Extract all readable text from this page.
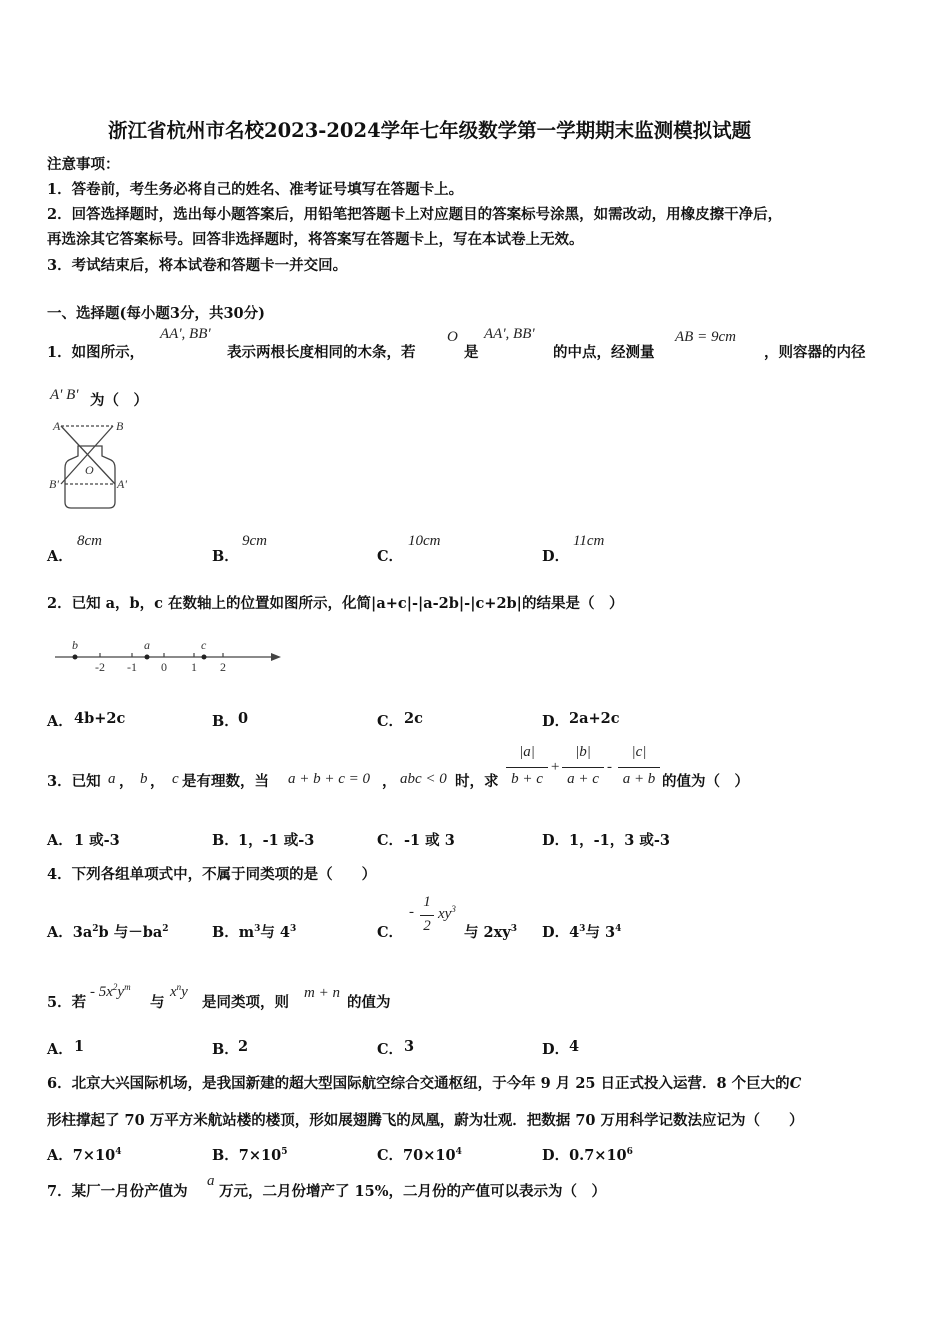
浙江省杭州市名校2023-2024学年七年级数学第一学期期末监测模拟试题
注意事项：
1．答卷前，考生务必将自己的姓名、准考证号填写在答题卡上。
2．回答选择题时，选出每小题答案后，用铅笔把答题卡上对应题目的答案标号涂黑，如需改动，用橡皮擦干净后，
再选涂其它答案标号。回答非选择题时，将答案写在答题卡上，写在本试卷上无效。
3．考试结束后，将本试卷和答题卡一并交回。
一、选择题(每小题3分，共30分)
1．如图所示，
AA', BB'
表示两根长度相同的木条，若
O
是
AA', BB'
的中点，经测量
AB = 9cm
，则容器的内径
A' B' 为（　）
A	B
O
B'	A'
A．
8cm
B．
9cm
C．
10cm
D．
11cm
2．已知 a，b，c 在数轴上的位置如图所示，化简|a+c|-|a-2b|-|c+2b|的结果是（　）
b	a	c
-2 -1 0 1 2
A． 4b+2c	B． 0	C． 2c	D． 2a+2c
3．已知 a ， b ， c 是有理数，当 a + b + c = 0 ， abc < 0 时，求
|a|
b + c
+
|b|
a + c
-
|c|
a + b 的值为（　）
A． 1 或-3	B． 1，-1 或-3	C． -1 或 3	D． 1，-1，3 或-3
4．下列各组单项式中，不属于同类项的是（　　）
A．$3a^2b$ 与$-ba^2$	B．$m^3$与 $4^3$	C．
-
1
2
$xy^3$
与 $2xy^3$ D．$4^3$与 $3^4$
5．若
- $5x^2y^m$
与
$x^ny$
是同类项，则
m + n
的值为
A． 1	B． 2	C． 3	D． 4
6．北京大兴国际机场，是我国新建的超大型国际航空综合交通枢纽，于今年 9 月 25 日正式投入运营．8 个巨大的C
形柱撑起了 70 万平方米航站楼的楼顶，形如展翅腾飞的凤凰，蔚为壮观．把数据 70 万用科学记数法应记为（　　）
A．$7\times 10^4$	B．$7\times 10^5$	C．$70\times 10^4$	D．$0.7\times 10^6$
7．某厂一月份产值为
a
万元，二月份增产了 15%，二月份的产值可以表示为（　）
